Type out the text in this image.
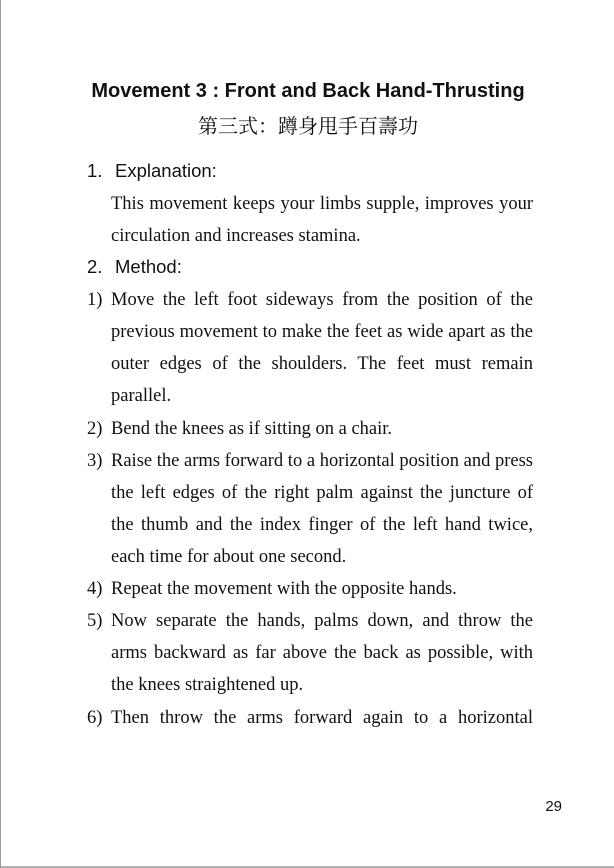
Movement 3 : Front and Back Hand-Thrusting
第三式：蹲身甩手百壽功
1. Explanation:
This movement keeps your limbs supple, improves your circulation and increases stamina.
2. Method:
1) Move the left foot sideways from the position of the previous movement to make the feet as wide apart as the outer edges of the shoulders. The feet must remain parallel.
2) Bend the knees as if sitting on a chair.
3) Raise the arms forward to a horizontal position and press the left edges of the right palm against the juncture of the thumb and the index finger of the left hand twice, each time for about one second.
4) Repeat the movement with the opposite hands.
5) Now separate the hands, palms down, and throw the arms backward as far above the back as possible, with the knees straightened up.
6) Then throw the arms forward again to a horizontal
29
